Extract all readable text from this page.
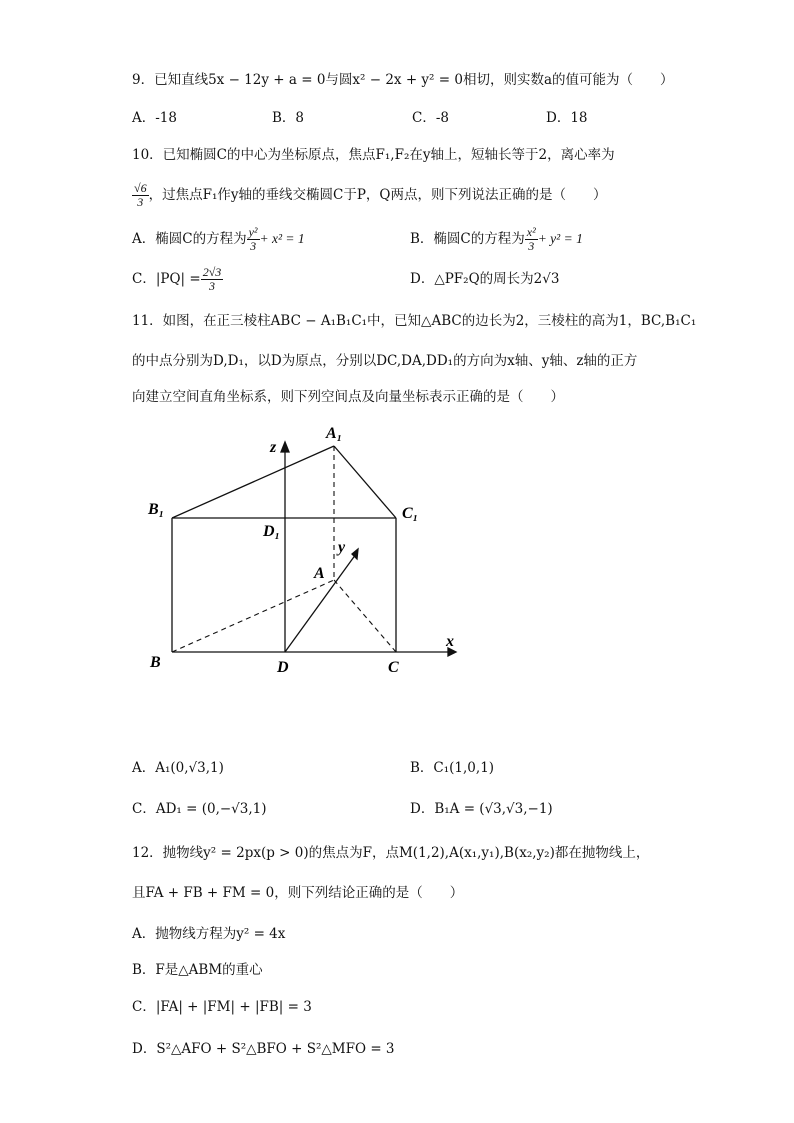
9．已知直线5x − 12y + a = 0与圆x² − 2x + y² = 0相切，则实数a的值可能为（　　）
A．-18	B．8	C．-8	D．18
10．已知椭圆C的中心为坐标原点，焦点F₁,F₂在y轴上，短轴长等于2，离心率为
$\frac{√6}{3}$ ，过焦点F₁作y轴的垂线交椭圆C于P，Q两点，则下列说法正确的是（　　）
A．椭圆C的方程为 $\frac{\text{y²}}{3} + x^2 = 1$	B．椭圆C的方程为 $\frac{\text{x²}}{3} + y^2 = 1$
C．$|PQ| = \frac{2√3}{3}$	D．△PF₂Q的周长为2√3
11．如图，在正三棱柱ABC − A₁B₁C₁中，已知△ABC的边长为2，三棱柱的高为1，BC,B₁C₁
的中点分别为D,D₁，以D为原点，分别以DC,DA,DD₁的方向为x轴、y轴、z轴的正方
向建立空间直角坐标系，则下列空间点及向量坐标表示正确的是（　　）
A₁
B₁	C₁
D₁
A
B	D	C
x
y
z
A．A₁(0,√3,1)	B．C₁(1,0,1)
C．AD₁ = (0,−√3,1)	D．B₁A = (√3,√3,−1)
12．抛物线y² = 2px(p > 0)的焦点为F，点M(1,2),A(x₁,y₁),B(x₂,y₂)都在抛物线上，
且FA + FB + FM = 0，则下列结论正确的是（　　）
A．抛物线方程为y² = 4x
B．F是△ABM的重心
C．|FA| + |FM| + |FB| = 3
D．S²△AFO + S²△BFO + S²△MFO = 3
